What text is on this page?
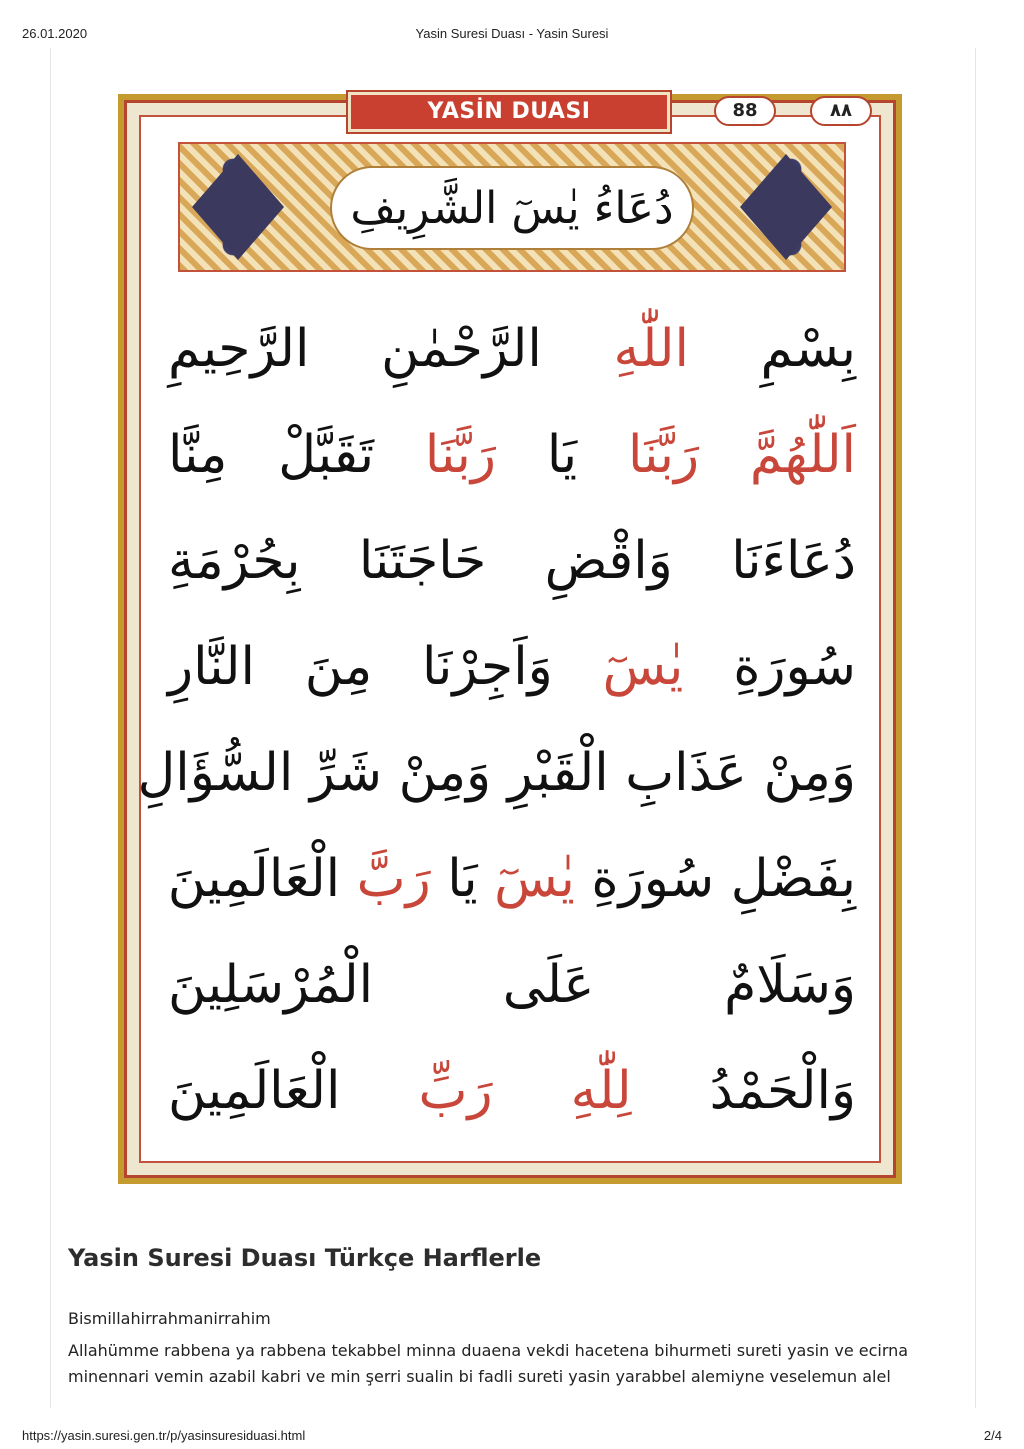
26.01.2020	Yasin Suresi Duası - Yasin Suresi
YASİN DUASI	88	٨٨
دُعَاءُ يٰسٓ الشَّرِيفِ
بِسْمِ اللّٰهِ الرَّحْمٰنِ الرَّحِيمِ
اَللّٰهُمَّ رَبَّنَا يَا رَبَّنَا تَقَبَّلْ مِنَّا
دُعَاءَنَا وَاقْضِ حَاجَتَنَا بِحُرْمَةِ
سُورَةِ يٰسٓ وَاَجِرْنَا مِنَ النَّارِ
وَمِنْ عَذَابِ الْقَبْرِ وَمِنْ شَرِّ السُّؤَالِ
بِفَضْلِ سُورَةِ يٰسٓ يَا رَبَّ الْعَالَمِينَ
وَسَلَامٌ عَلَى الْمُرْسَلِينَ
وَالْحَمْدُ لِلّٰهِ رَبِّ الْعَالَمِينَ
Yasin Suresi Duası Türkçe Harflerle

Bismillahirrahmanirrahim

Allahümme rabbena ya rabbena tekabbel minna duaena vekdi hacetena bihurmeti sureti yasin ve ecirna minennari vemin azabil kabri ve min şerri sualin bi fadli sureti yasin yarabbel alemiyne veselemun alel

https://yasin.suresi.gen.tr/p/yasinsuresiduasi.html	2/4
